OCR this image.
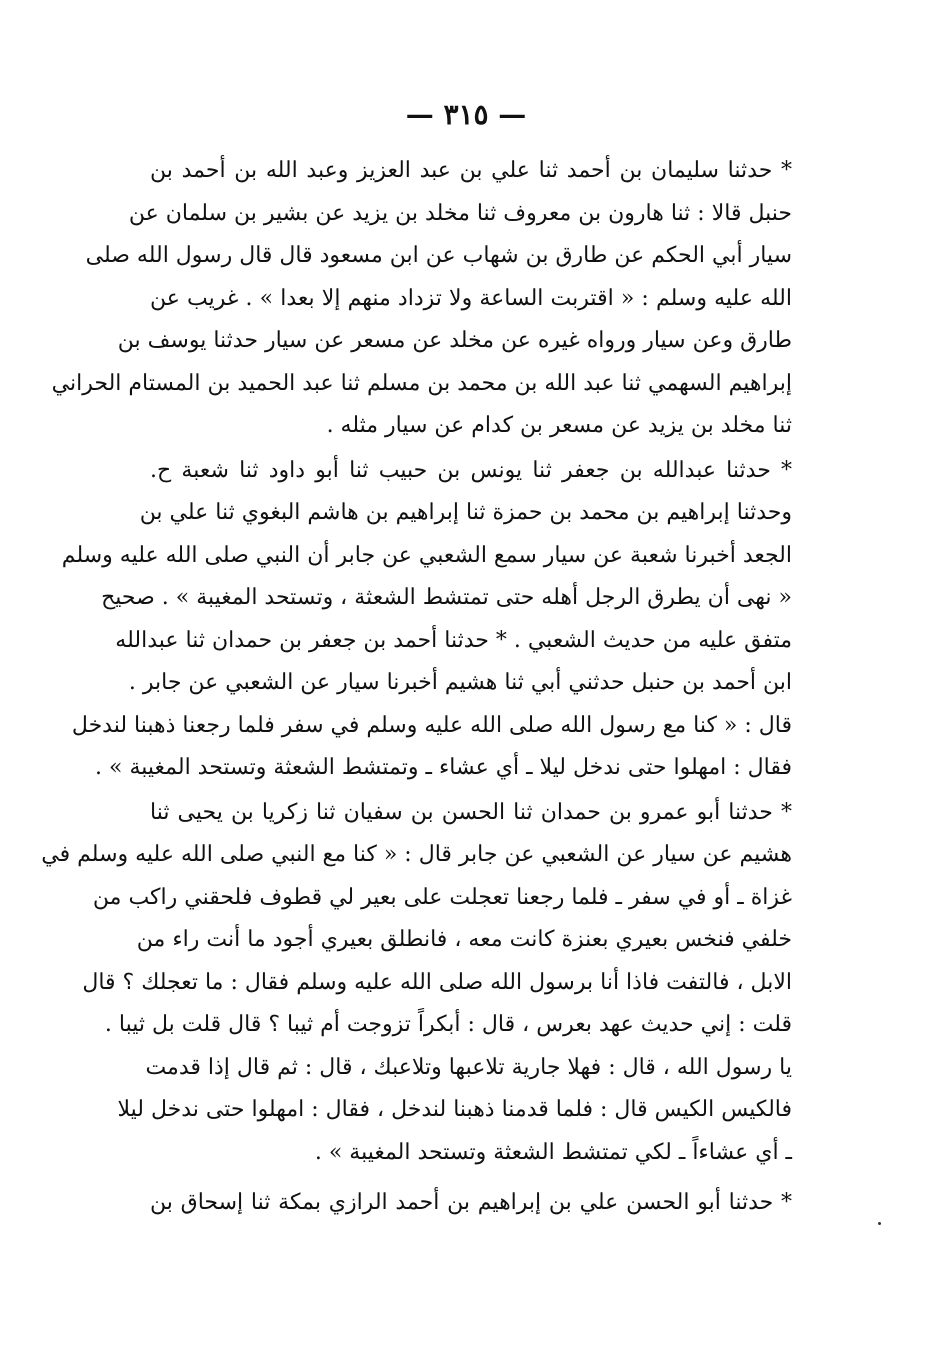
— ٣١٥ —
* حدثنا سليمان بن أحمد ثنا علي بن عبد العزيز وعبد الله بن أحمد بن
حنبل قالا : ثنا هارون بن معروف ثنا مخلد بن يزيد عن بشير بن سلمان عن
سيار أبي الحكم عن طارق بن شهاب عن ابن مسعود قال قال رسول الله صلى
الله عليه وسلم : « اقتربت الساعة ولا تزداد منهم إلا بعدا » . غريب عن
طارق وعن سيار ورواه غيره عن مخلد عن مسعر عن سيار حدثنا يوسف بن
إبراهيم السهمي ثنا عبد الله بن محمد بن مسلم ثنا عبد الحميد بن المستام الحراني
ثنا مخلد بن يزيد عن مسعر بن كدام عن سيار مثله .
* حدثنا عبدالله بن جعفر ثنا يونس بن حبيب ثنا أبو داود ثنا شعبة ح.
وحدثنا إبراهيم بن محمد بن حمزة ثنا إبراهيم بن هاشم البغوي ثنا علي بن
الجعد أخبرنا شعبة عن سيار سمع الشعبي عن جابر أن النبي صلى الله عليه وسلم
« نهى أن يطرق الرجل أهله حتى تمتشط الشعثة ، وتستحد المغيبة » . صحيح
متفق عليه من حديث الشعبي . * حدثنا أحمد بن جعفر بن حمدان ثنا عبدالله
ابن أحمد بن حنبل حدثني أبي ثنا هشيم أخبرنا سيار عن الشعبي عن جابر .
قال : « كنا مع رسول الله صلى الله عليه وسلم في سفر فلما رجعنا ذهبنا لندخل
فقال : امهلوا حتى ندخل ليلا ـ أي عشاء ـ وتمتشط الشعثة وتستحد المغيبة » .
* حدثنا أبو عمرو بن حمدان ثنا الحسن بن سفيان ثنا زكريا بن يحيى ثنا
هشيم عن سيار عن الشعبي عن جابر قال : « كنا مع النبي صلى الله عليه وسلم في
غزاة ـ أو في سفر ـ فلما رجعنا تعجلت على بعير لي قطوف فلحقني راكب من
خلفي فنخس بعيري بعنزة كانت معه ، فانطلق بعيري أجود ما أنت راء من
الابل ، فالتفت فاذا أنا برسول الله صلى الله عليه وسلم فقال : ما تعجلك ؟ قال
قلت : إني حديث عهد بعرس ، قال : أبكراً تزوجت أم ثيبا ؟ قال قلت بل ثيبا .
يا رسول الله ، قال : فهلا جارية تلاعبها وتلاعبك ، قال : ثم قال إذا قدمت
فالكيس الكيس قال : فلما قدمنا ذهبنا لندخل ، فقال : امهلوا حتى ندخل ليلا
ـ أي عشاءاً ـ لكي تمتشط الشعثة وتستحد المغيبة » .
* حدثنا أبو الحسن علي بن إبراهيم بن أحمد الرازي بمكة ثنا إسحاق بن
